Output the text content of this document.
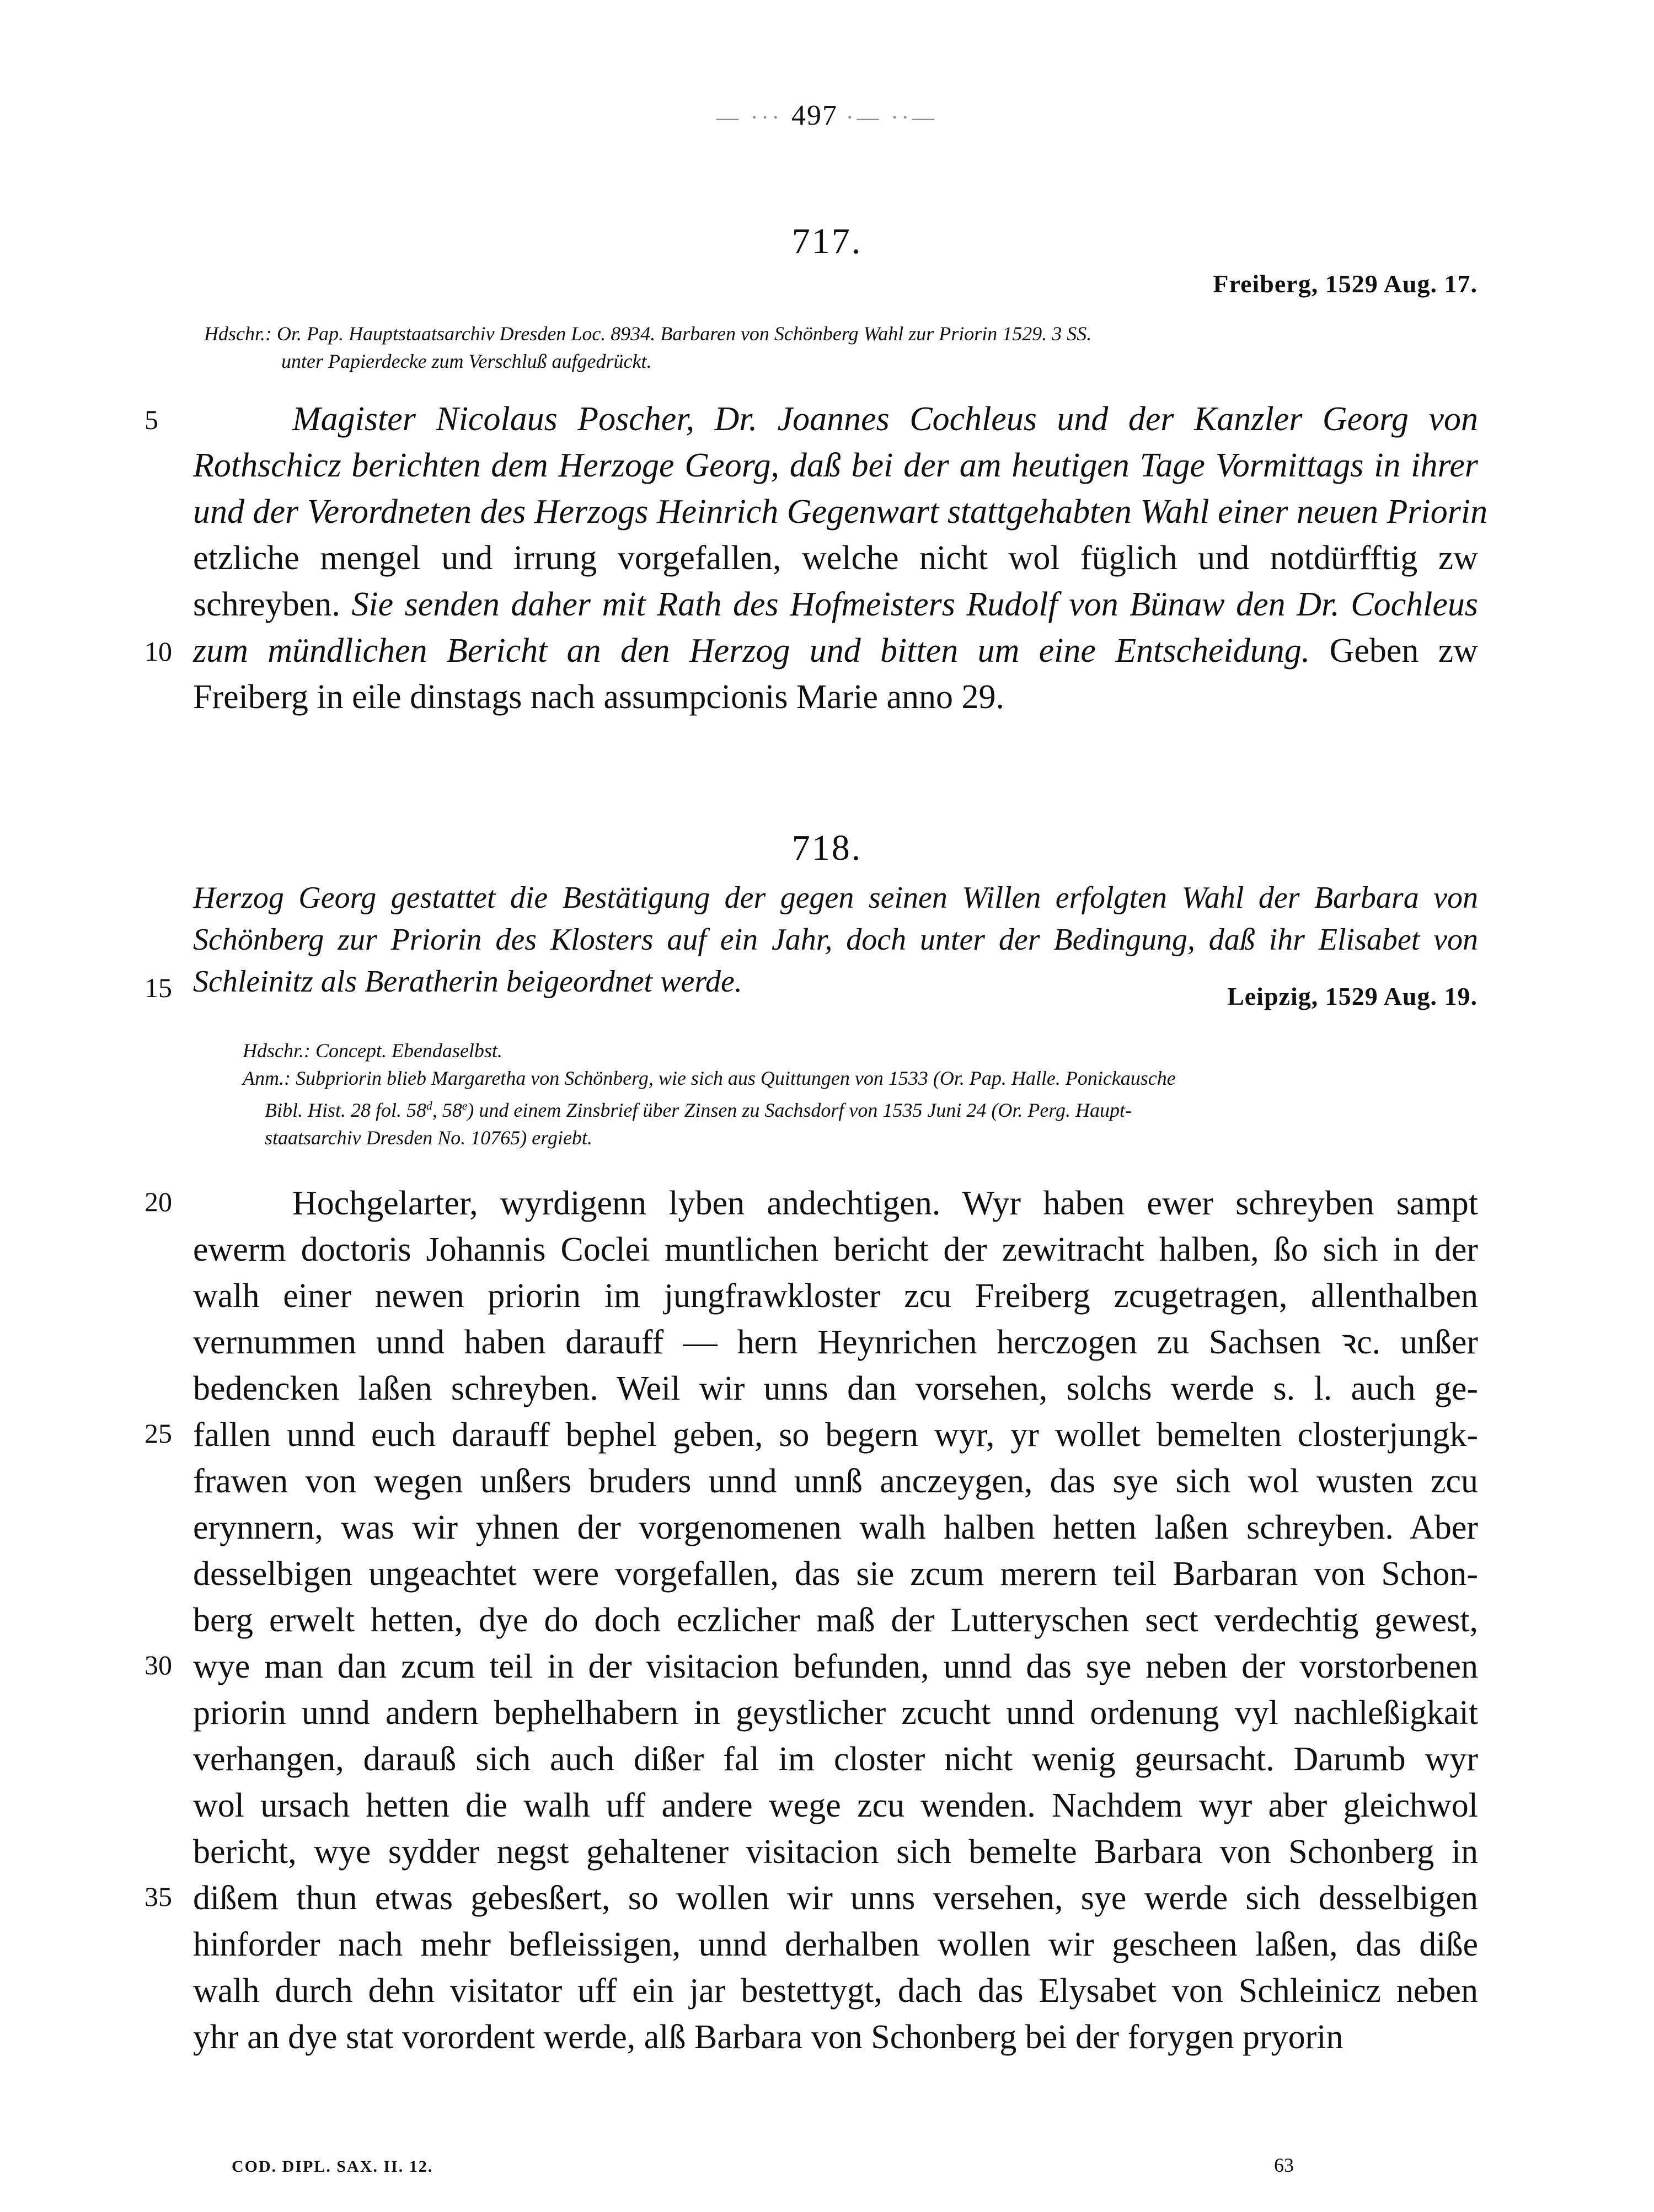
— ··· 497 ·— ··—
717.
Freiberg, 1529 Aug. 17.
Hdschr.: Or. Pap. Hauptstaatsarchiv Dresden Loc. 8934. Barbaren von Schönberg Wahl zur Priorin 1529. 3 SS.
unter Papierdecke zum Verschluß aufgedrückt.
Magister Nicolaus Poscher, Dr. Joannes Cochleus und der Kanzler Georg von
Rothschicz berichten dem Herzoge Georg, daß bei der am heutigen Tage Vormittags in ihrer
und der Verordneten des Herzogs Heinrich Gegenwart stattgehabten Wahl einer neuen Priorin
etzliche mengel und irrung vorgefallen, welche nicht wol füglich und notdürfftig zw
schreyben. Sie senden daher mit Rath des Hofmeisters Rudolf von Bünaw den Dr. Cochleus
zum mündlichen Bericht an den Herzog und bitten um eine Entscheidung. Geben zw
Freiberg in eile dinstags nach assumpcionis Marie anno 29.
718.
Herzog Georg gestattet die Bestätigung der gegen seinen Willen erfolgten Wahl der Barbara von
Schönberg zur Priorin des Klosters auf ein Jahr, doch unter der Bedingung, daß ihr Elisabet von
Schleinitz als Beratherin beigeordnet werde.	Leipzig, 1529 Aug. 19.
Hdschr.: Concept. Ebendaselbst.
Anm.: Subpriorin blieb Margaretha von Schönberg, wie sich aus Quittungen von 1533 (Or. Pap. Halle. Ponickausche
Bibl. Hist. 28 fol. 58$^d$, 58e) und einem Zinsbrief über Zinsen zu Sachsdorf von 1535 Juni 24 (Or. Perg. Haupt-
staatsarchiv Dresden No. 10765) ergiebt.
Hochgelarter, wyrdigenn lyben andechtigen. Wyr haben ewer schreyben sampt
ewerm doctoris Johannis Coclei muntlichen bericht der zewitracht halben, ßo sich in der
walh einer newen priorin im jungfrawkloster zcu Freiberg zcugetragen, allenthalben
vernummen unnd haben darauff — hern Heynrichen herczogen zu Sachsen ꝛc. unßer
bedencken laßen schreyben. Weil wir unns dan vorsehen, solchs werde s. l. auch ge-
fallen unnd euch darauff bephel geben, so begern wyr, yr wollet bemelten closterjungk-
frawen von wegen unßers bruders unnd unnß anczeygen, das sye sich wol wusten zcu
erynnern, was wir yhnen der vorgenomenen walh halben hetten laßen schreyben. Aber
desselbigen ungeachtet were vorgefallen, das sie zcum merern teil Barbaran von Schon-
berg erwelt hetten, dye do doch eczlicher maß der Lutteryschen sect verdechtig gewest,
wye man dan zcum teil in der visitacion befunden, unnd das sye neben der vorstorbenen
priorin unnd andern bephelhabern in geystlicher zcucht unnd ordenung vyl nachleßigkait
verhangen, darauß sich auch dißer fal im closter nicht wenig geursacht. Darumb wyr
wol ursach hetten die walh uff andere wege zcu wenden. Nachdem wyr aber gleichwol
bericht, wye sydder negst gehaltener visitacion sich bemelte Barbara von Schonberg in
dißem thun etwas gebesßert, so wollen wir unns versehen, sye werde sich desselbigen
hinforder nach mehr befleissigen, unnd derhalben wollen wir gescheen laßen, das diße
walh durch dehn visitator uff ein jar bestettygt, dach das Elysabet von Schleinicz neben
yhr an dye stat vorordent werde, alß Barbara von Schonberg bei der forygen pryorin
5
10
15
20
25
30
35
COD. DIPL. SAX. II. 12.	63
